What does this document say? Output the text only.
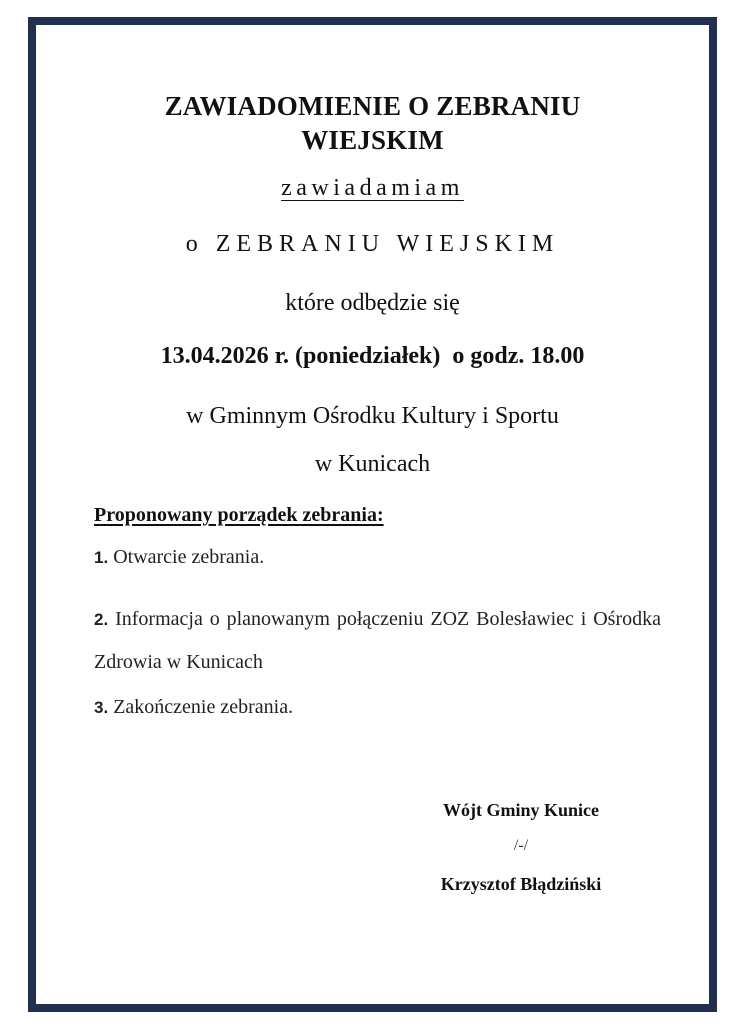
ZAWIADOMIENIE O ZEBRANIU
WIEJSKIM
zawiadamiam
o ZEBRANIU WIEJSKIM
które odbędzie się
13.04.2026 r. (poniedziałek)  o godz. 18.00
w Gminnym Ośrodku Kultury i Sportu
w Kunicach
Proponowany porządek zebrania:
1. Otwarcie zebrania.
2. Informacja o planowanym połączeniu ZOZ Bolesławiec i Ośrodka Zdrowia w Kunicach
3. Zakończenie zebrania.
Wójt Gminy Kunice
/-/
Krzysztof Błądziński
